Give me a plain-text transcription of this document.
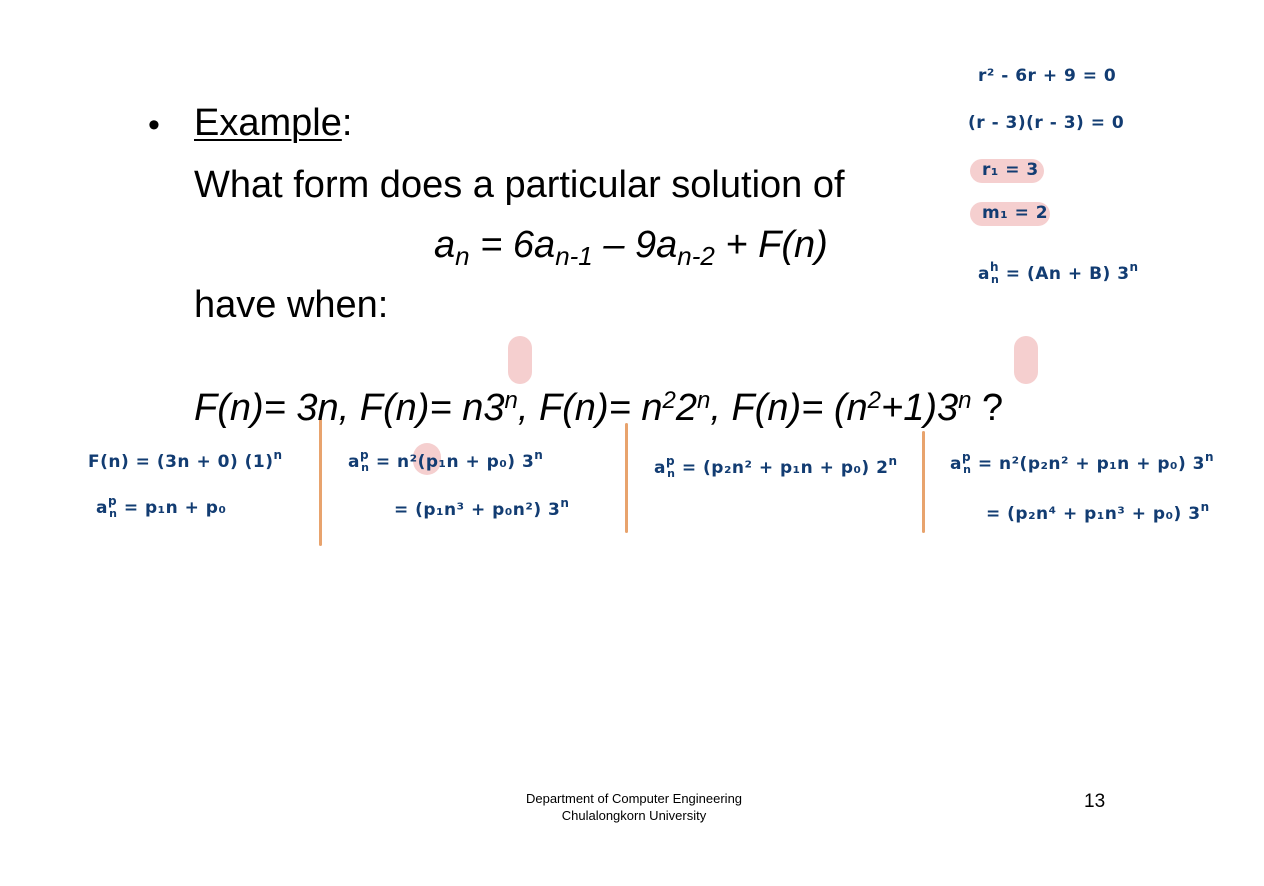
• Example:
What form does a particular solution of
$a_n = 6a_{n-1} - 9a_{n-2} + F(n)$
have when:
F(n)= 3n, $F(n)= n3^n$, $F(n)= n^22^n$, $F(n)= (n^2+1)3^n$ ?
r² - 6r + 9 = 0
(r - 3)(r - 3) = 0
r₁ = 3
m₁ = 2
$a^h_n = (An + B)$ 3$^n$
F(n) = (3n + 0) $(1)^n$
$a^p_n = p_1n + p_0$
$a^p_n = n^2(p_1n + p_0)$ $3^n$
= (p₁n³ + p₀n²) 3$^n$
$a^p_n = (p_2n^2 + p_1n + p_0)$ 2$^n$	$a^p_n = n^2(p_2n^2 + p_1n + p_0)$ $3^n$
= (p₂n⁴ + p₁n³ + p₀) 3$^n$
Department of Computer Engineering
Chulalongkorn University
13
